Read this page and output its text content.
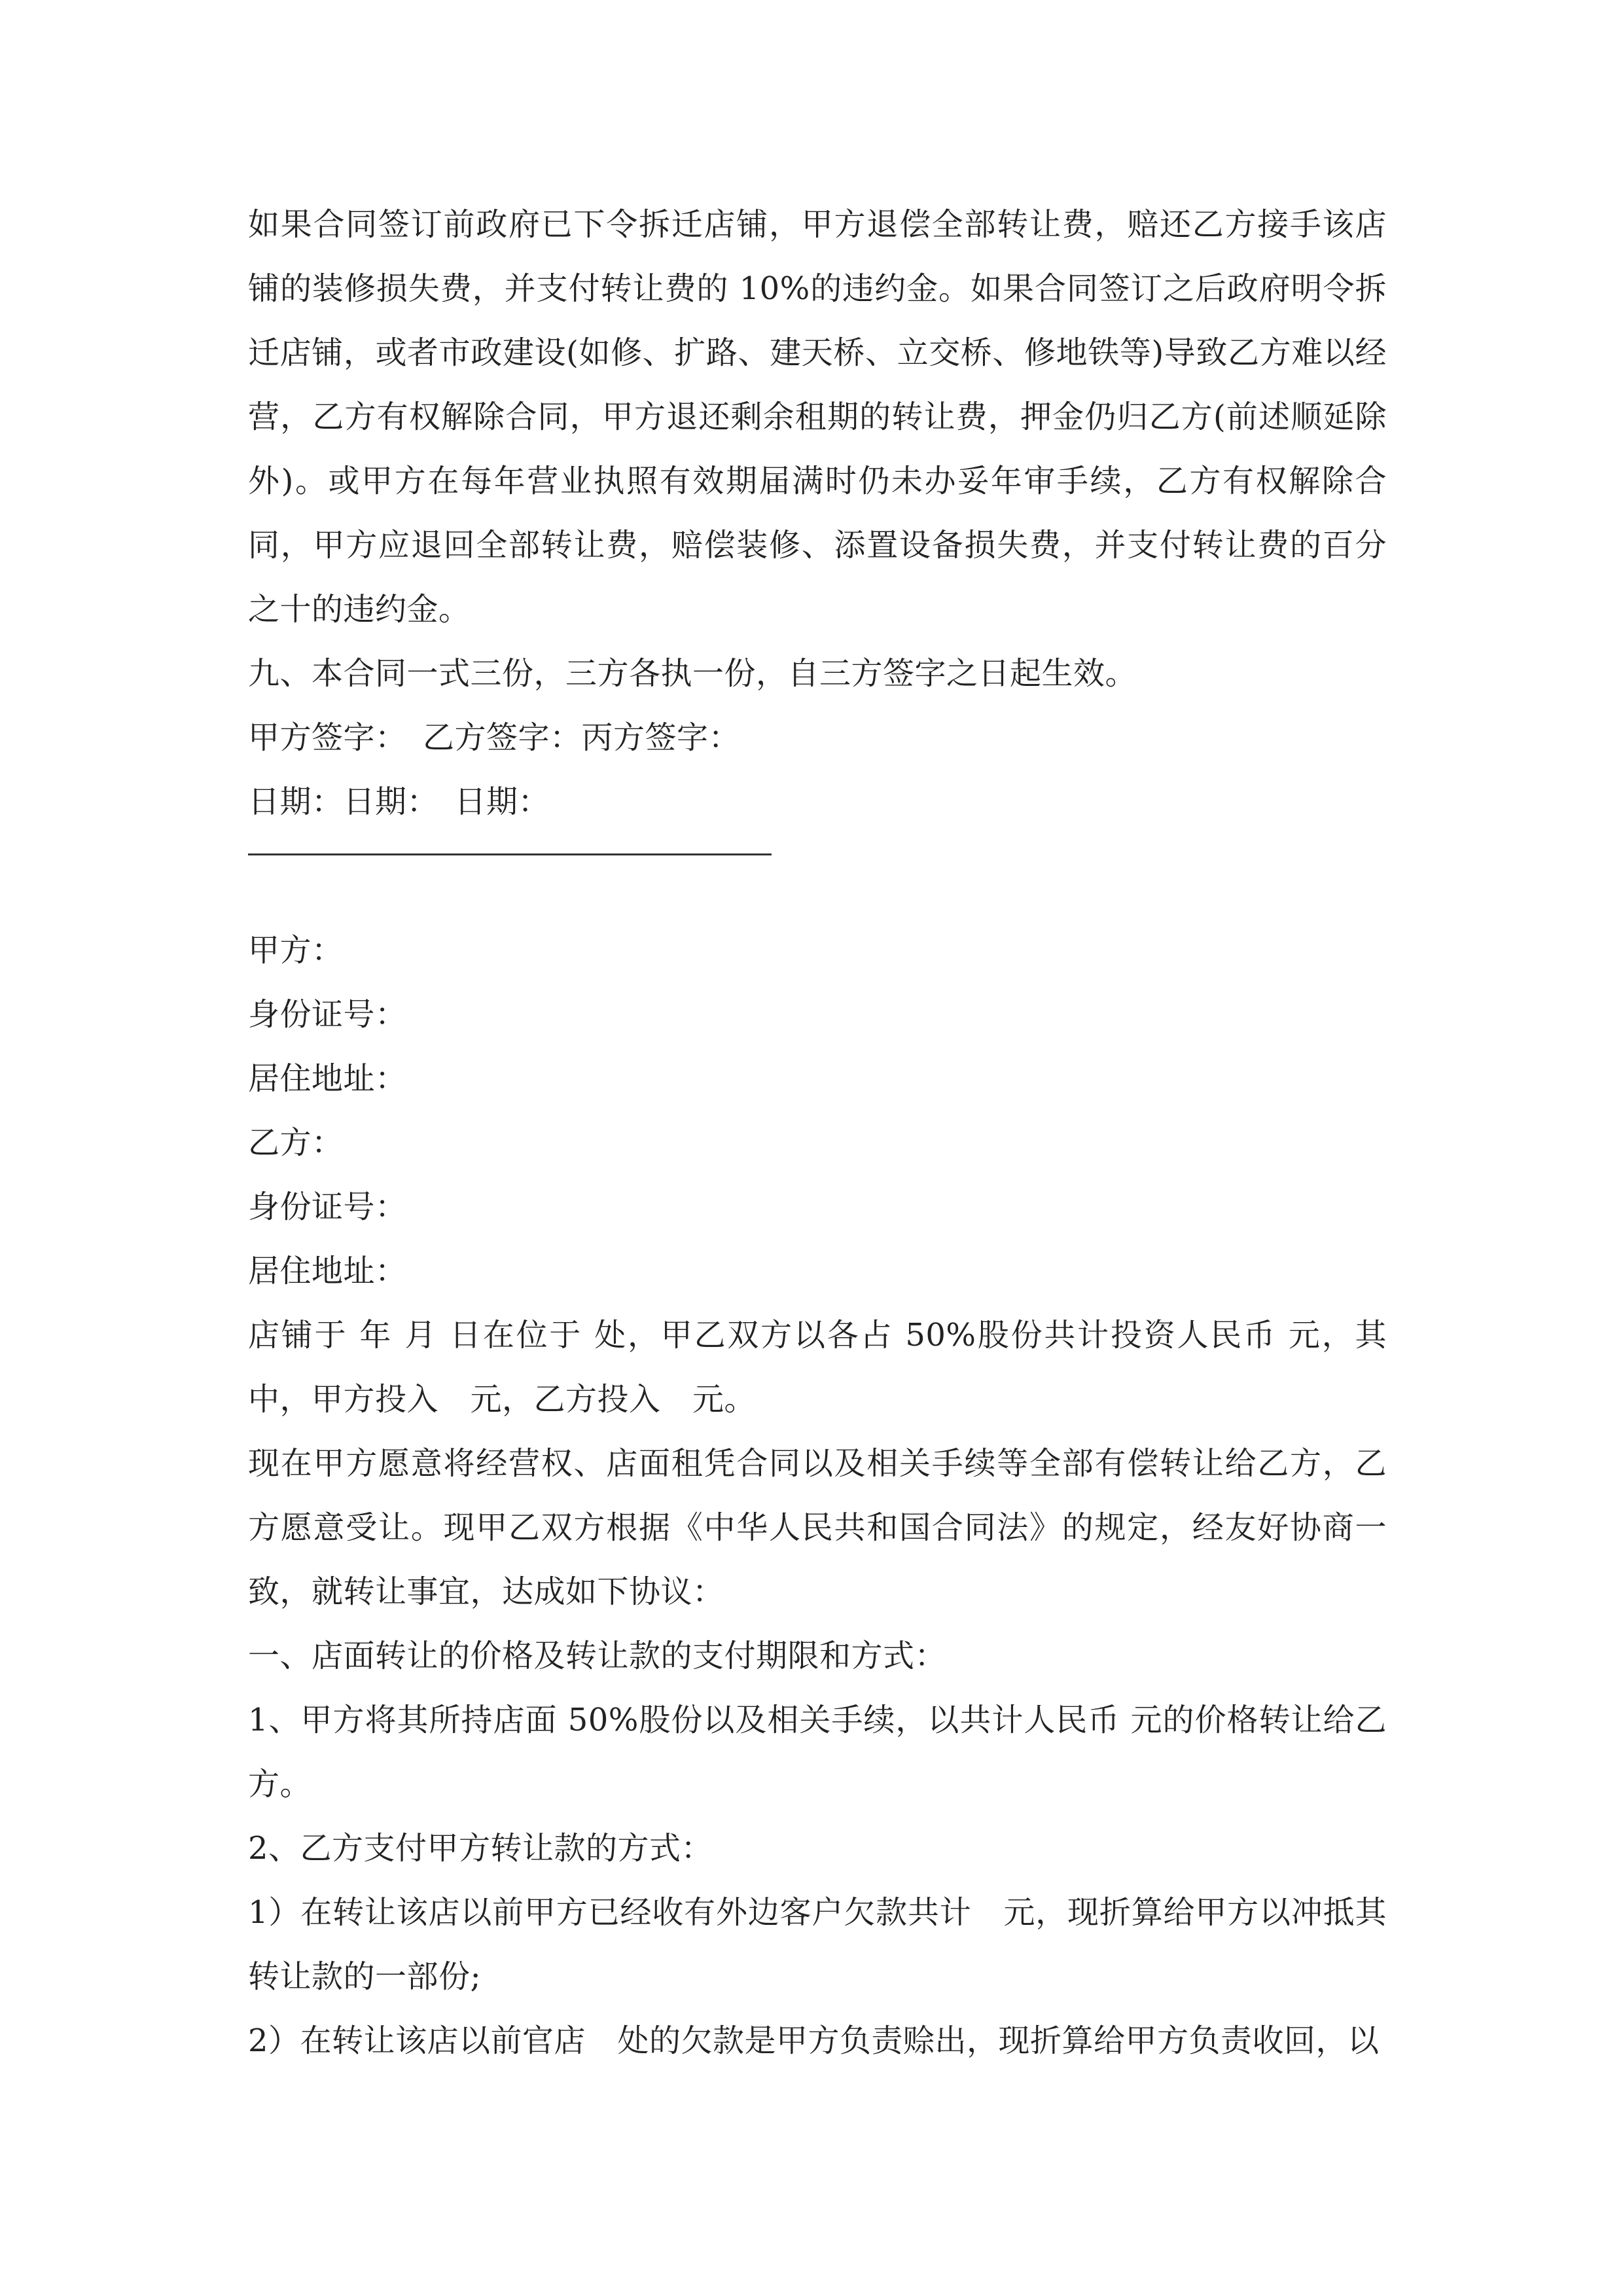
如果合同签订前政府已下令拆迁店铺，甲方退偿全部转让费，赔还乙方接手该店铺的装修损失费，并支付转让费的 10%的违约金。如果合同签订之后政府明令拆迁店铺，或者市政建设(如修、扩路、建天桥、立交桥、修地铁等)导致乙方难以经营，乙方有权解除合同，甲方退还剩余租期的转让费，押金仍归乙方(前述顺延除外)。或甲方在每年营业执照有效期届满时仍未办妥年审手续，乙方有权解除合同，甲方应退回全部转让费，赔偿装修、添置设备损失费，并支付转让费的百分之十的违约金。

九、本合同一式三份，三方各执一份，自三方签字之日起生效。

甲方签字：　乙方签字：丙方签字：

日期：日期：　日期：

甲方：

身份证号：

居住地址：

乙方：

身份证号：

居住地址：

店铺于 年 月 日在位于 处，甲乙双方以各占 50%股份共计投资人民币 元，其中，甲方投入　元，乙方投入　元。

现在甲方愿意将经营权、店面租凭合同以及相关手续等全部有偿转让给乙方，乙方愿意受让。现甲乙双方根据《中华人民共和国合同法》的规定，经友好协商一致，就转让事宜，达成如下协议：

一、店面转让的价格及转让款的支付期限和方式：

1、甲方将其所持店面 50%股份以及相关手续，以共计人民币 元的价格转让给乙方。

2、乙方支付甲方转让款的方式：

1）在转让该店以前甲方已经收有外边客户欠款共计　元，现折算给甲方以冲抵其转让款的一部份;

2）在转让该店以前官店　处的欠款是甲方负责赊出，现折算给甲方负责收回，以
